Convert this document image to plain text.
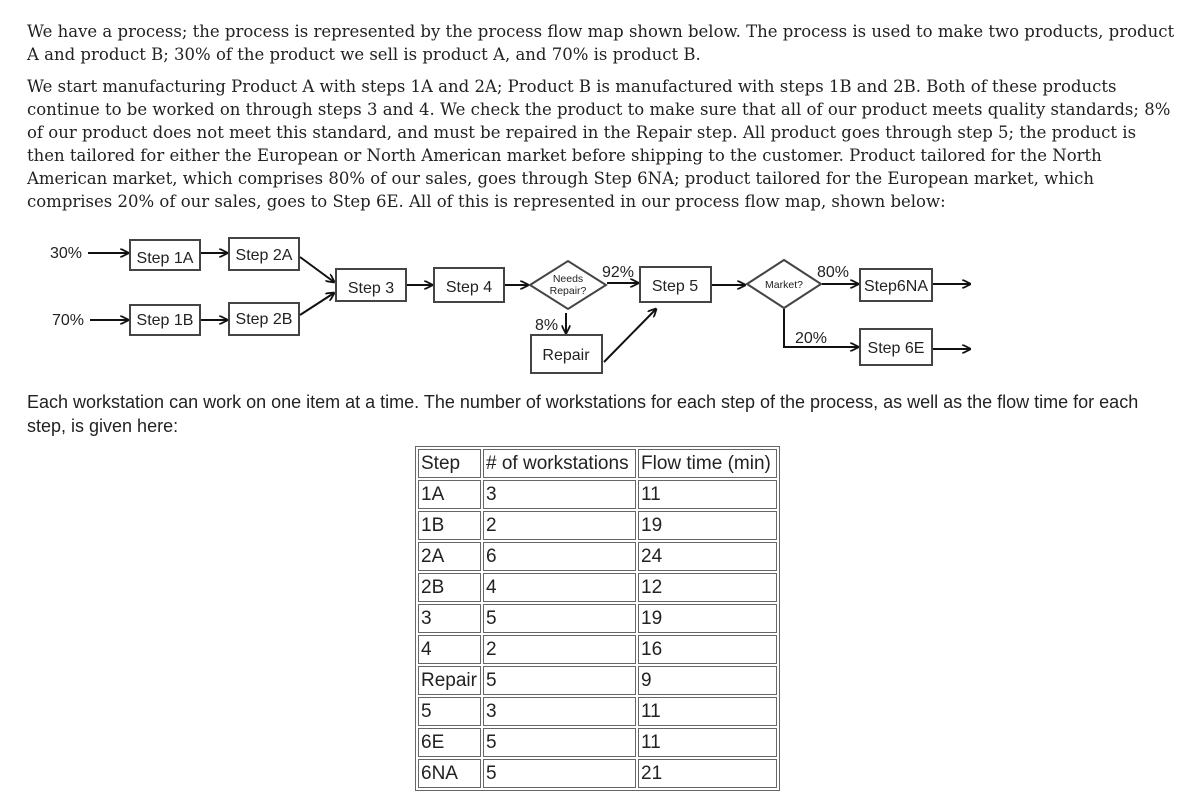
We have a process; the process is represented by the process flow map shown below. The process is used to make two products, product A and product B; 30% of the product we sell is product A, and 70% is product B.

We start manufacturing Product A with steps 1A and 2A; Product B is manufactured with steps 1B and 2B. Both of these products continue to be worked on through steps 3 and 4. We check the product to make sure that all of our product meets quality standards; 8% of our product does not meet this standard, and must be repaired in the Repair step. All product goes through step 5; the product is then tailored for either the European or North American market before shipping to the customer. Product tailored for the North American market, which comprises 80% of our sales, goes through Step 6NA; product tailored for the European market, which comprises 20% of our sales, goes to Step 6E. All of this is represented in our process flow map, shown below:

30%	Step 1A	Step 2A
70%	Step 1B	Step 2B
Step 3	Step 4	Needs
Repair?
92%
8%
Repair
Step 5	Market?
80%
20%
Step6NA
Step 6E

Each workstation can work on one item at a time. The number of workstations for each step of the process, as well as the flow time for each step, is given here:

Step	# of workstations	Flow time (min)
1A	3	11
1B	2	19
2A	6	24
2B	4	12
3	5	19
4	2	16
Repair	5	9
5	3	11
6E	5	11
6NA	5	21
